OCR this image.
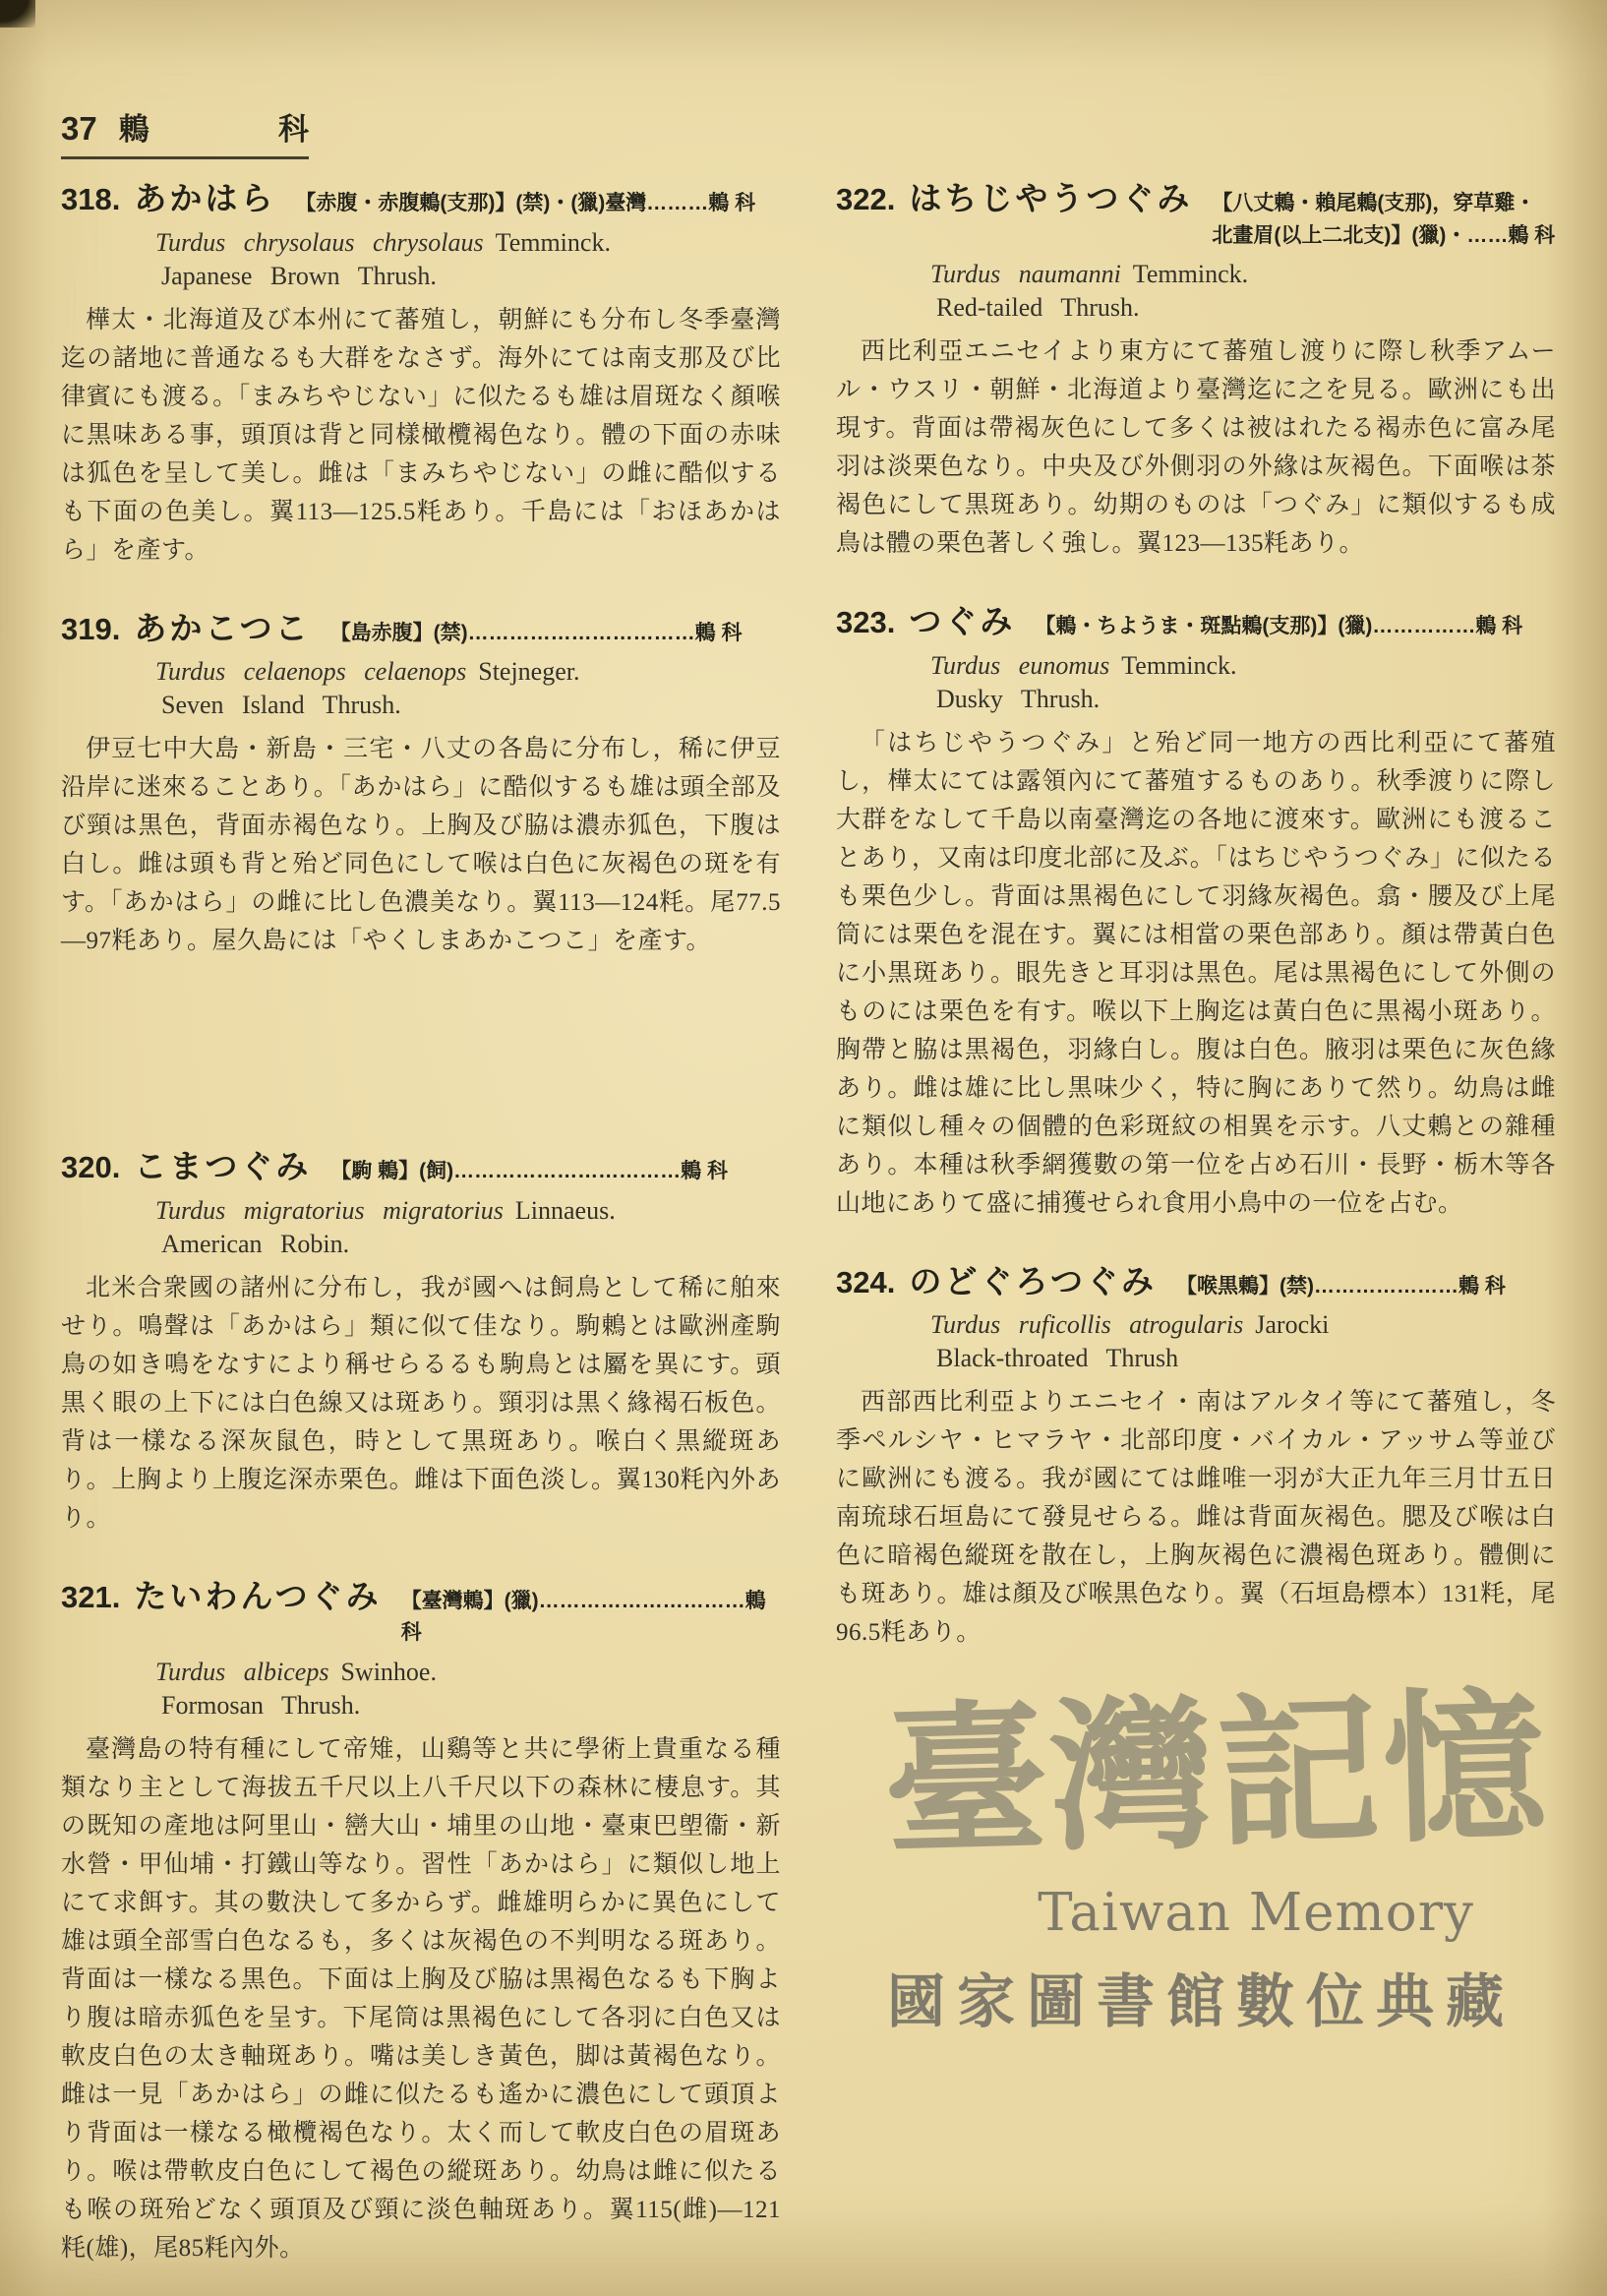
37 鶇	科
318. あかはら 【赤腹・赤腹鶇(支那)】(禁)・(獵)臺灣………鶇 科

Turdus chrysolaus chrysolaus Temminck.

Japanese Brown Thrush.

樺太・北海道及び本州にて蕃殖し，朝鮮にも分布し冬季臺灣迄の諸地に普通なるも大群をなさず。海外にては南支那及び比律賓にも渡る。「まみちやじない」に似たるも雄は眉斑なく顏喉に黒味ある事，頭頂は背と同樣橄欖褐色なり。體の下面の赤味は狐色を呈して美し。雌は「まみちやじない」の雌に酷似するも下面の色美し。翼113—125.5粍あり。千島には「おほあかはら」を產す。

319. あかこつこ 【島赤腹】(禁)……………………………鶇 科

Turdus celaenops celaenops Stejneger.

Seven Island Thrush.

伊豆七中大島・新島・三宅・八丈の各島に分布し，稀に伊豆沿岸に迷來ることあり。「あかはら」に酷似するも雄は頭全部及び頸は黒色，背面赤褐色なり。上胸及び脇は濃赤狐色，下腹は白し。雌は頭も背と殆ど同色にして喉は白色に灰褐色の斑を有す。「あかはら」の雌に比し色濃美なり。翼113—124粍。尾77.5—97粍あり。屋久島には「やくしまあかこつこ」を產す。

320. こまつぐみ 【駒 鶇】(飼)……………………………鶇 科

Turdus migratorius migratorius Linnaeus.

American Robin.

北米合衆國の諸州に分布し，我が國へは飼鳥として稀に舶來せり。鳴聲は「あかはら」類に似て佳なり。駒鶇とは歐洲產駒鳥の如き鳴をなすにより稱せらるるも駒鳥とは屬を異にす。頭黒く眼の上下には白色線又は斑あり。頸羽は黒く緣褐石板色。背は一樣なる深灰鼠色，時として黒斑あり。喉白く黒縱斑あり。上胸より上腹迄深赤栗色。雌は下面色淡し。翼130粍內外あり。

321. たいわんつぐみ 【臺灣鶇】(獵)…………………………鶇 科

Turdus albiceps Swinhoe.

Formosan Thrush.

臺灣島の特有種にして帝雉，山鷄等と共に學術上貴重なる種類なり主として海拔五千尺以上八千尺以下の森林に棲息す。其の既知の產地は阿里山・巒大山・埔里の山地・臺東巴塱衞・新水營・甲仙埔・打鐵山等なり。習性「あかはら」に類似し地上にて求餌す。其の數決して多からず。雌雄明らかに異色にして雄は頭全部雪白色なるも，多くは灰褐色の不判明なる斑あり。背面は一樣なる黒色。下面は上胸及び脇は黒褐色なるも下胸より腹は暗赤狐色を呈す。下尾筒は黒褐色にして各羽に白色又は軟皮白色の太き軸斑あり。嘴は美しき黃色，脚は黃褐色なり。雌は一見「あかはら」の雌に似たるも遙かに濃色にして頭頂より背面は一樣なる橄欖褐色なり。太く而して軟皮白色の眉斑あり。喉は帶軟皮白色にして褐色の縱斑あり。幼鳥は雌に似たるも喉の斑殆どなく頭頂及び頸に淡色軸斑あり。翼115(雌)—121粍(雄)，尾85粍內外。

322. はちじやうつぐみ 【八丈鶇・賴尾鶇(支那)，穿草雞・北畫眉(以上二北支)】(獵)・……鶇 科

Turdus naumanni Temminck.

Red-tailed Thrush.

西比利亞エニセイより東方にて蕃殖し渡りに際し秋季アムール・ウスリ・朝鮮・北海道より臺灣迄に之を見る。歐洲にも出現す。背面は帶褐灰色にして多くは被はれたる褐赤色に富み尾羽は淡栗色なり。中央及び外側羽の外緣は灰褐色。下面喉は茶褐色にして黒斑あり。幼期のものは「つぐみ」に類似するも成鳥は體の栗色著しく強し。翼123—135粍あり。

323. つぐみ 【鶇・ちようま・斑點鶇(支那)】(獵)……………鶇 科

Turdus eunomus Temminck.

Dusky Thrush.

「はちじやうつぐみ」と殆ど同一地方の西比利亞にて蕃殖し，樺太にては露領內にて蕃殖するものあり。秋季渡りに際し大群をなして千島以南臺灣迄の各地に渡來す。歐洲にも渡ることあり，又南は印度北部に及ぶ。「はちじやうつぐみ」に似たるも栗色少し。背面は黒褐色にして羽緣灰褐色。翕・腰及び上尾筒には栗色を混在す。翼には相當の栗色部あり。顏は帶黃白色に小黒斑あり。眼先きと耳羽は黒色。尾は黒褐色にして外側のものには栗色を有す。喉以下上胸迄は黃白色に黒褐小斑あり。胸帶と脇は黒褐色，羽緣白し。腹は白色。腋羽は栗色に灰色緣あり。雌は雄に比し黒味少く，特に胸にありて然り。幼鳥は雌に類似し種々の個體的色彩斑紋の相異を示す。八丈鶇との雜種あり。本種は秋季網獲數の第一位を占め石川・長野・栃木等各山地にありて盛に捕獲せられ食用小鳥中の一位を占む。

324. のどぐろつぐみ 【喉黒鶇】(禁)…………………鶇 科

Turdus ruficollis atrogularis Jarocki

Black-throated Thrush

西部西比利亞よりエニセイ・南はアルタイ等にて蕃殖し，冬季ペルシヤ・ヒマラヤ・北部印度・バイカル・アッサム等並びに歐洲にも渡る。我が國にては雌唯一羽が大正九年三月廿五日南琉球石垣島にて發見せらる。雌は背面灰褐色。腮及び喉は白色に暗褐色縱斑を散在し，上胸灰褐色に濃褐色斑あり。體側にも斑あり。雄は顏及び喉黒色なり。翼（石垣島標本）131粍，尾96.5粍あり。

臺灣記憶
Taiwan Memory
國家圖書館數位典藏
